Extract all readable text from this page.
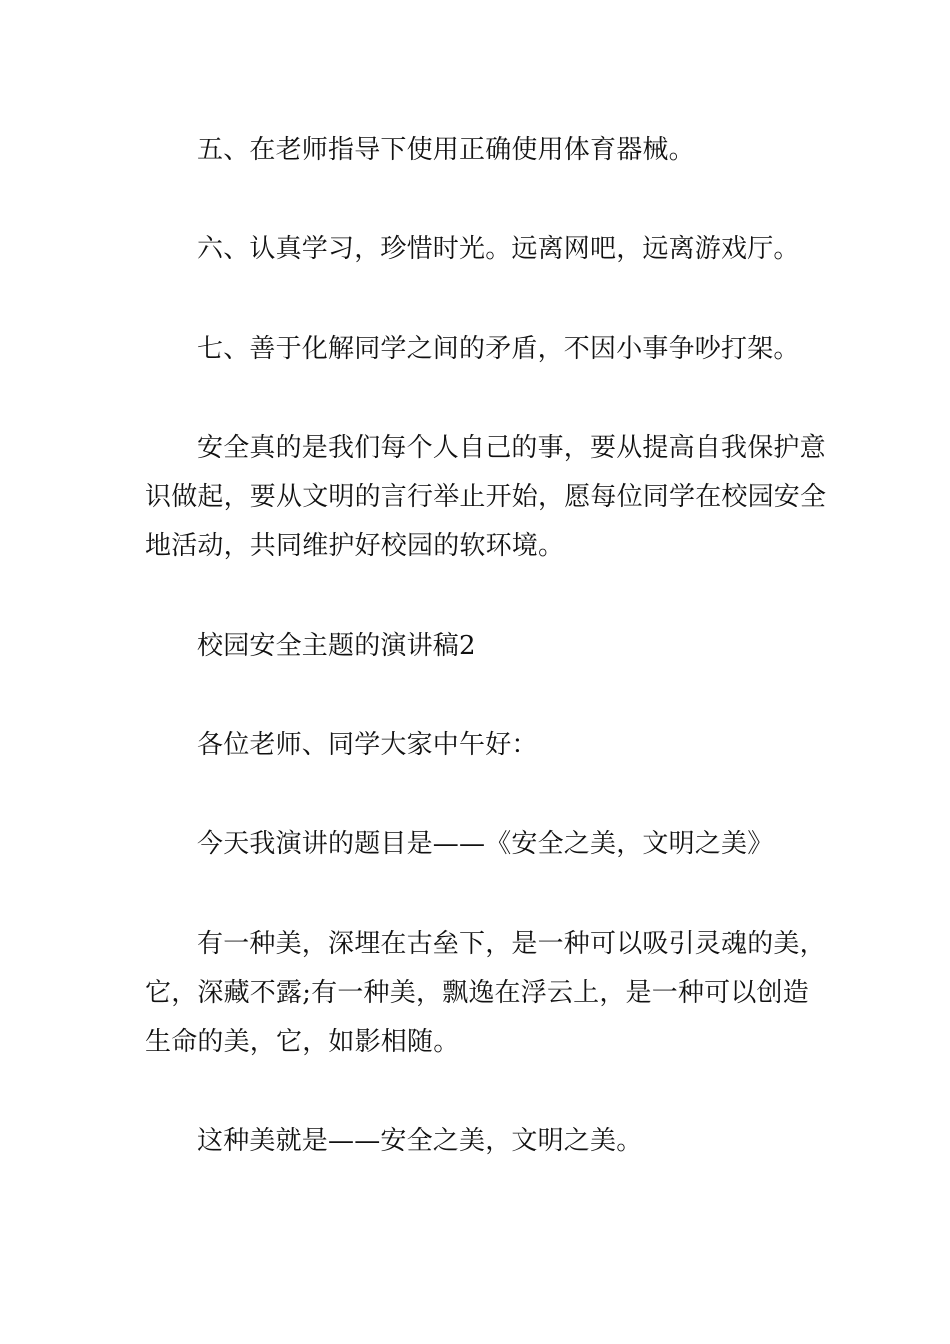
五、在老师指导下使用正确使用体育器械。

六、认真学习，珍惜时光。远离网吧，远离游戏厅。

七、善于化解同学之间的矛盾，不因小事争吵打架。

安全真的是我们每个人自己的事，要从提高自我保护意识做起，要从文明的言行举止开始，愿每位同学在校园安全地活动，共同维护好校园的软环境。

校园安全主题的演讲稿2

各位老师、同学大家中午好：

今天我演讲的题目是——《安全之美，文明之美》

有一种美，深埋在古垒下，是一种可以吸引灵魂的美，它，深藏不露;有一种美，飘逸在浮云上，是一种可以创造生命的美，它，如影相随。

这种美就是——安全之美，文明之美。
